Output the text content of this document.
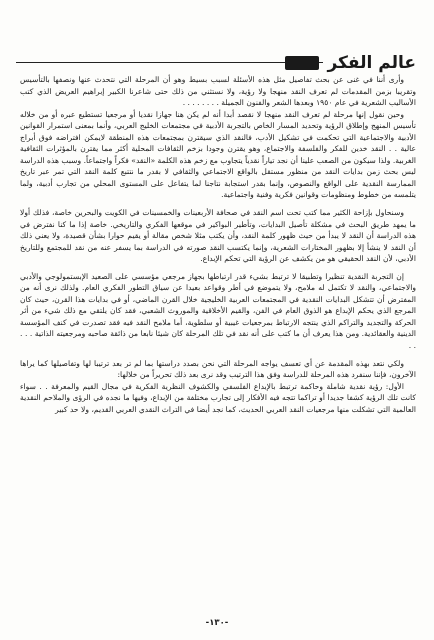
عالم الفكر

وأرى أننا في غنى عن بحث تفاصيل مثل هذه الأسئلة لسبب بسيط وهو أن المرحلة التي نتحدث عنها ونصفها بالتأسيس وتقريبا بزمن المقدمات لم تعرف النقد منهجا ولا رؤية، ولا نستثني من ذلك حتى شاعرنا الكبير إبراهيم العريض الذي كتب الأساليب الشعرية في عام ١٩٥٠ وبعدها الشعر والفنون الجميلة . . . . . . . .

وحين نقول إنها مرحلة لم تعرف النقد منهجا لا نقصد أبدا أنه لم يكن هنا جهازا نقديا أو مرجعيا تستطيع عبره أو من خلاله تأسيس المنهج وإطلاق الرؤية وتحديد المسار الخاص بالتجربة الأدبية في مجتمعات الخليج العربي، وأنما بمعنى استمرار القوانين الأدبية والاجتماعية التي تحكمت في تشكيل الأدب، فالنقد الذي سيقترن بمجتمعات هذه المنطقة لايمكن افتراضه فوق أبراج عالية . . النقد خدين للفكر والفلسفة والاجتماع، وهو يقترن وجودا بزخم الثقافات المحلية أكثر مما يقترن بالمؤثرات الثقافية الغربية. ولذا سيكون من الصعب علينا أن نجد تياراً نقدياً يتجاوب مع زخم هذه الكلمة «النقد» فكراً واجتماعاً. وسبب هذه الدراسة ليس بحث زمن بدايات النقد من منظور مستقل بالواقع الاجتماعي والثقافي لا بقدر ما نتتبع كلمة النقد التي تمر عبر تاريخ الممارسة النقدية على الواقع والنصوص، وإنما بقدر استجابة نتاجنا لما يتفاعل على المستوى المحلي من تجارب أدبية، ولما يتلمسه من خطوط ومنظومات وقوانين فكرية وفنية واجتماعية.

وسنحاول بإزاحة الكثير مما كتب تحت اسم النقد في صحافة الأربعينات والخمسينات في الكويت والبحرين خاصة، فذلك أولا ما يمهد طريق البحث في مشكلة تأصيل البدايات، وتأطير البواكير في موقعها الفكري والتاريخي. خاصة إذا ما كنا نفترض في هذه الدراسة أن النقد لا يبدأ من حيث ظهور كلمة النقد، وأن يكتب مثلا شخص مقالة أو يقيم حوارا بشأن قصيدة، ولا يعني ذلك أن النقد لا ينشأ إلا بظهور المختارات الشعرية، وإنما يكتسب النقد صورته في الدراسة بما يسفر عنه من نقد للمجتمع وللتاريخ الأدبي، لأن النقد الحقيقي هو من يكشف عن الرؤية التي تحكم الإبداع.

إن التجربة النقدية تنظيرا وتطبيقا لا ترتبط بشيء قدر ارتباطها بجهاز مرجعي مؤسسي على الصعيد الإبستمولوجي والأدبي والاجتماعي، والنقد لا تكتمل له ملامح، ولا يتموضع في أطر وقواعد بعيدا عن سياق التطور الفكري العام. ولذلك نرى أنه من المفترض أن تتشكل البدايات النقدية في المجتمعات العربية الخليجية خلال القرن الماضي، أو في بدايات هذا القرن، حيث كان المرجع الذي يحكم الإبداع هو الذوق العام في الفن، والقيم الأخلاقية والموروث الشعبي، فقد كان يلتقي مع ذلك شيء من أثر الحركة والتجديد والتراكم الذي ينتجه الارتباط بمرجعيات غيبية أو سلطوية، أما ملامح النقد فيه فقد تصدرت في كنف المؤسسة الدينية والعقائدية. ومن هذا يعرف أن ما كتب على أنه نقد في تلك المرحلة كان شيئا نابعا من ذائقة صاحبه ومرجعيته الذاتية . . . . .

ولكي نتعد بهذه المقدمة عن أي تعسف يواجه المرحلة التي نحن بصدد دراستها بما لم تر بعد ترتيبا لها وتفاصيلها كما يراها الآخرون، فإننا سنفرد هذه المرحلة للدراسة وفق هذا الترتيب وقد نرى بعد ذلك تحريراً من خلالها:

الأول: رؤية نقدية شاملة وحاكمة ترتبط بالإبداع الفلسفي والكشوف النظرية الفكرية في مجال القيم والمعرفة . . سواء كانت تلك الرؤية كشفا جديدا أو تراكما تتجه فيه الأفكار إلى تجارب مختلفة من الإبداع، وفيها ما نجده في الرؤى والملاحم النقدية العالمية التي تشكلت منها مرجعيات النقد العربي الحديث، كما نجد أيضا في التراث النقدي العربي القديم، ولا حد كبير

-١٣٠-
